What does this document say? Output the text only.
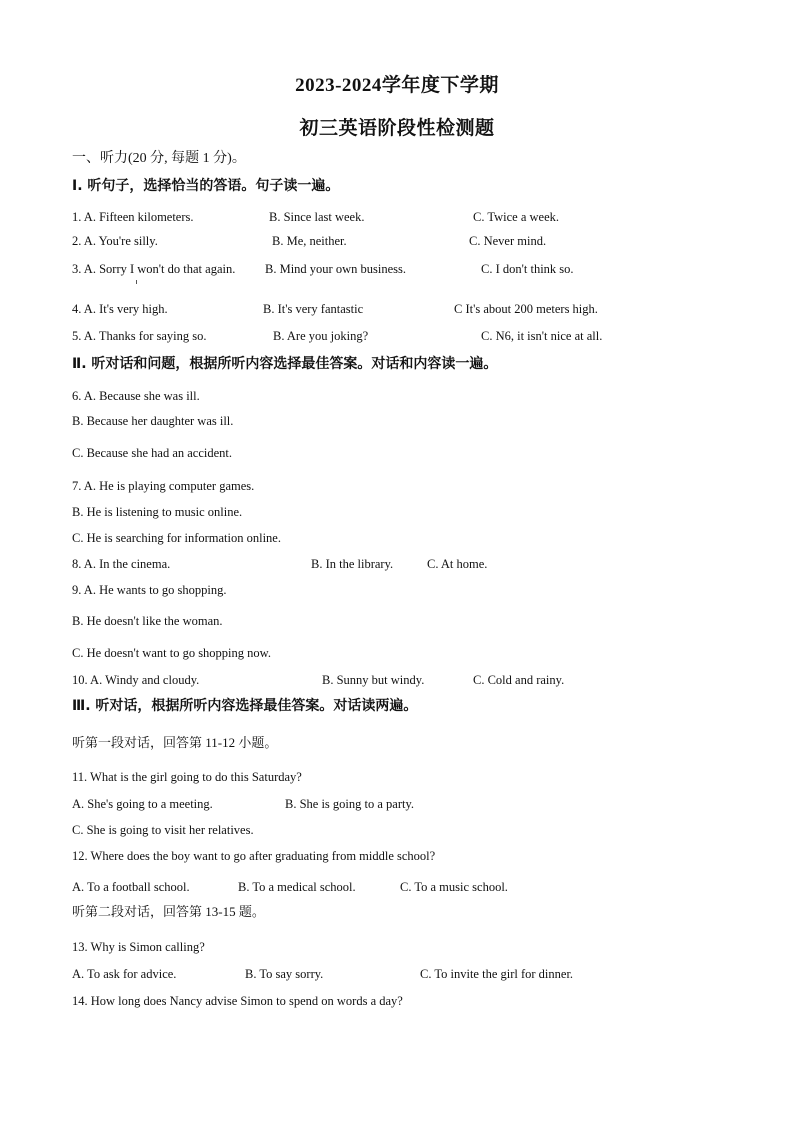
2023-2024学年度下学期
初三英语阶段性检测题
一、听力(20 分, 每题 1 分)。
I. 听句子，选择恰当的答语。句子读一遍。
1. A. Fifteen kilometers.	B. Since last week.	C. Twice a week.
2. A. You're silly.	B. Me, neither.	C. Never mind.
3. A. Sorry I won't do that again. B. Mind your own business.	C. I don't think so.
4. A. It's very high.	B. It's very fantastic	C It's about 200 meters high.
5. A. Thanks for saying so.	B. Are you joking?	C. N6, it isn't nice at all.
Ⅱ. 听对话和问题，根据所听内容选择最佳答案。对话和内容读一遍。
6. A. Because she was ill.
B. Because her daughter was ill.
C. Because she had an accident.
7. A. He is playing computer games.
B. He is listening to music online.
C. He is searching for information online.
8. A. In the cinema.	B. In the library.	C. At home.
9. A. He wants to go shopping.
B. He doesn't like the woman.
C. He doesn't want to go shopping now.
10. A. Windy and cloudy.	B. Sunny but windy.	C. Cold and rainy.
Ⅲ. 听对话，根据所听内容选择最佳答案。对话读两遍。
听第一段对话，回答第 11-12 小题。
11. What is the girl going to do this Saturday?
A. She's going to a meeting.	B. She is going to a party.
C. She is going to visit her relatives.
12. Where does the boy want to go after graduating from middle school?
A. To a football school.	B. To a medical school.	C. To a music school.
听第二段对话，回答第 13-15 题。
13. Why is Simon calling?
A. To ask for advice.	B. To say sorry.	C. To invite the girl for dinner.
14. How long does Nancy advise Simon to spend on words a day?
